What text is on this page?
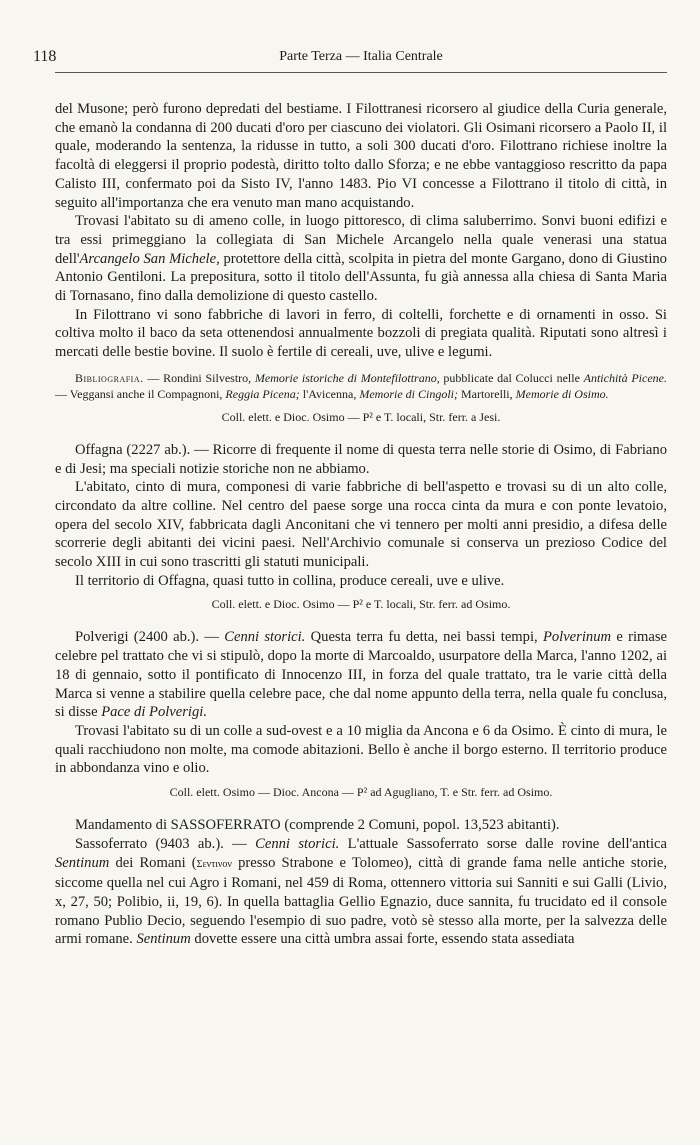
118	Parte Terza — Italia Centrale

del Musone; però furono depredati del bestiame. I Filottranesi ricorsero al giudice della Curia generale, che emanò la condanna di 200 ducati d'oro per ciascuno dei violatori. Gli Osimani ricorsero a Paolo II, il quale, moderando la sentenza, la ridusse in tutto, a soli 300 ducati d'oro. Filottrano richiese inoltre la facoltà di eleggersi il proprio podestà, diritto tolto dallo Sforza; e ne ebbe vantaggioso rescritto da papa Calisto III, confermato poi da Sisto IV, l'anno 1483. Pio VI concesse a Filottrano il titolo di città, in seguito all'importanza che era venuto man mano acquistando.

Trovasi l'abitato su di ameno colle, in luogo pittoresco, di clima saluberrimo. Sonvi buoni edifizi e tra essi primeggiano la collegiata di San Michele Arcangelo nella quale venerasi una statua dell'Arcangelo San Michele, protettore della città, scolpita in pietra del monte Gargano, dono di Giustino Antonio Gentiloni. La prepositura, sotto il titolo dell'Assunta, fu già annessa alla chiesa di Santa Maria di Tornasano, fino dalla demolizione di questo castello.

In Filottrano vi sono fabbriche di lavori in ferro, di coltelli, forchette e di ornamenti in osso. Si coltiva molto il baco da seta ottenendosi annualmente bozzoli di pregiata qualità. Riputati sono altresì i mercati delle bestie bovine. Il suolo è fertile di cereali, uve, ulive e legumi.

Bibliografia. — Rondini Silvestro, Memorie istoriche di Montefilottrano, pubblicate dal Colucci nelle Antichità Picene. — Veggansi anche il Compagnoni, Reggia Picena; l'Avicenna, Memorie di Cingoli; Martorelli, Memorie di Osimo.

Coll. elett. e Dioc. Osimo — P² e T. locali, Str. ferr. a Jesi.

Offagna (2227 ab.). — Ricorre di frequente il nome di questa terra nelle storie di Osimo, di Fabriano e di Jesi; ma speciali notizie storiche non ne abbiamo.

L'abitato, cinto di mura, componesi di varie fabbriche di bell'aspetto e trovasi su di un alto colle, circondato da altre colline. Nel centro del paese sorge una rocca cinta da mura e con ponte levatoio, opera del secolo XIV, fabbricata dagli Anconitani che vi tennero per molti anni presidio, a difesa delle scorrerie degli abitanti dei vicini paesi. Nell'Archivio comunale si conserva un prezioso Codice del secolo XIII in cui sono trascritti gli statuti municipali.

Il territorio di Offagna, quasi tutto in collina, produce cereali, uve e ulive.

Coll. elett. e Dioc. Osimo — P² e T. locali, Str. ferr. ad Osimo.

Polverigi (2400 ab.). — Cenni storici. Questa terra fu detta, nei bassi tempi, Polverinum e rimase celebre pel trattato che vi si stipulò, dopo la morte di Marcoaldo, usurpatore della Marca, l'anno 1202, ai 18 di gennaio, sotto il pontificato di Innocenzo III, in forza del quale trattato, tra le varie città della Marca si venne a stabilire quella celebre pace, che dal nome appunto della terra, nella quale fu conclusa, si disse Pace di Polverigi.

Trovasi l'abitato su di un colle a sud-ovest e a 10 miglia da Ancona e 6 da Osimo. È cinto di mura, le quali racchiudono non molte, ma comode abitazioni. Bello è anche il borgo esterno. Il territorio produce in abbondanza vino e olio.

Coll. elett. Osimo — Dioc. Ancona — P² ad Agugliano, T. e Str. ferr. ad Osimo.

Mandamento di SASSOFERRATO (comprende 2 Comuni, popol. 13,523 abitanti).

Sassoferrato (9403 ab.). — Cenni storici. L'attuale Sassoferrato sorse dalle rovine dell'antica Sentinum dei Romani (Σεντινον presso Strabone e Tolomeo), città di grande fama nelle antiche storie, siccome quella nel cui Agro i Romani, nel 459 di Roma, ottennero vittoria sui Sanniti e sui Galli (Livio, x, 27, 50; Polibio, ii, 19, 6). In quella battaglia Gellio Egnazio, duce sannita, fu trucidato ed il console romano Publio Decio, seguendo l'esempio di suo padre, votò sè stesso alla morte, per la salvezza delle armi romane. Sentinum dovette essere una città umbra assai forte, essendo stata assediata
